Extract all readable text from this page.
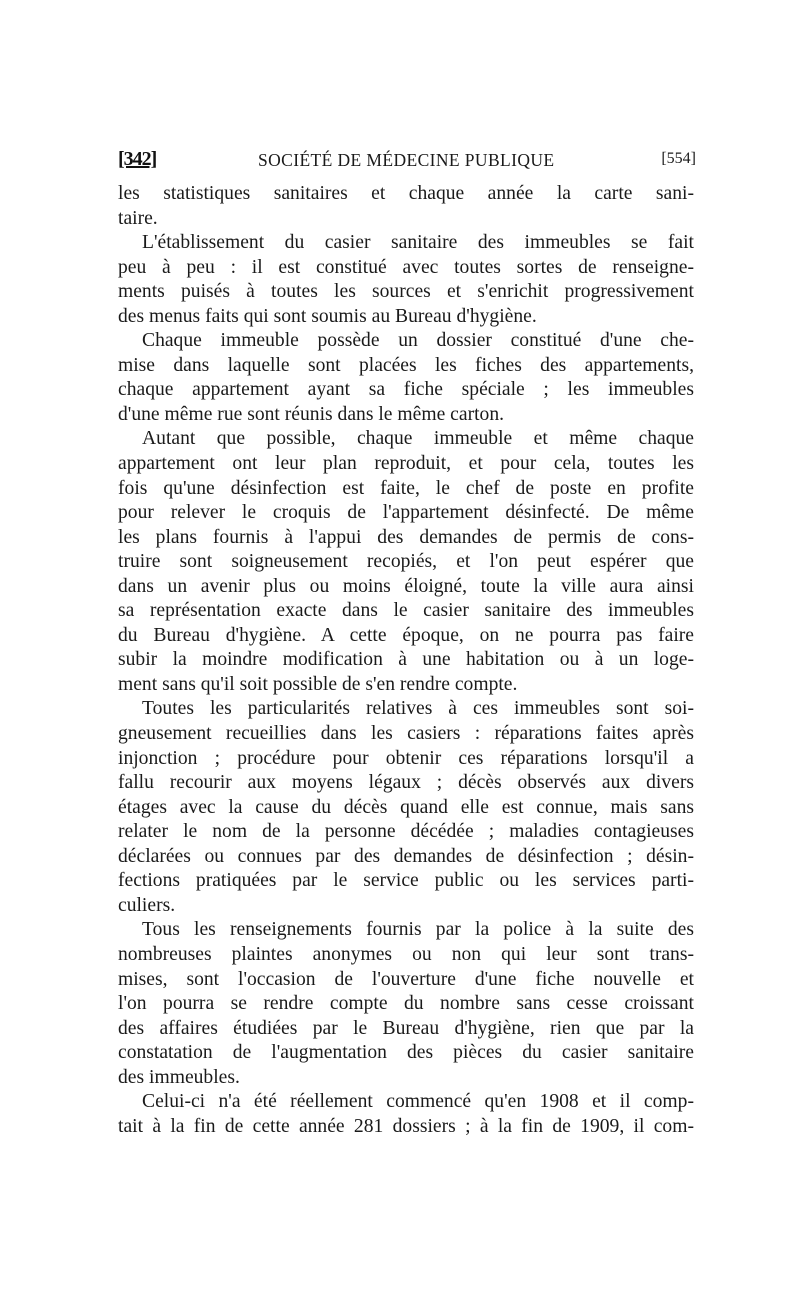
[342]	SOCIÉTÉ DE MÉDECINE PUBLIQUE	[554]
les statistiques sanitaires et chaque année la carte sani-
taire.
L'établissement du casier sanitaire des immeubles se fait
peu à peu : il est constitué avec toutes sortes de renseigne-
ments puisés à toutes les sources et s'enrichit progressivement
des menus faits qui sont soumis au Bureau d'hygiène.
Chaque immeuble possède un dossier constitué d'une che-
mise dans laquelle sont placées les fiches des appartements,
chaque appartement ayant sa fiche spéciale ; les immeubles
d'une même rue sont réunis dans le même carton.
Autant que possible, chaque immeuble et même chaque
appartement ont leur plan reproduit, et pour cela, toutes les
fois qu'une désinfection est faite, le chef de poste en profite
pour relever le croquis de l'appartement désinfecté. De même
les plans fournis à l'appui des demandes de permis de cons-
truire sont soigneusement recopiés, et l'on peut espérer que
dans un avenir plus ou moins éloigné, toute la ville aura ainsi
sa représentation exacte dans le casier sanitaire des immeubles
du Bureau d'hygiène. A cette époque, on ne pourra pas faire
subir la moindre modification à une habitation ou à un loge-
ment sans qu'il soit possible de s'en rendre compte.
Toutes les particularités relatives à ces immeubles sont soi-
gneusement recueillies dans les casiers : réparations faites après
injonction ; procédure pour obtenir ces réparations lorsqu'il a
fallu recourir aux moyens légaux ; décès observés aux divers
étages avec la cause du décès quand elle est connue, mais sans
relater le nom de la personne décédée ; maladies contagieuses
déclarées ou connues par des demandes de désinfection ; désin-
fections pratiquées par le service public ou les services parti-
culiers.
Tous les renseignements fournis par la police à la suite des
nombreuses plaintes anonymes ou non qui leur sont trans-
mises, sont l'occasion de l'ouverture d'une fiche nouvelle et
l'on pourra se rendre compte du nombre sans cesse croissant
des affaires étudiées par le Bureau d'hygiène, rien que par la
constatation de l'augmentation des pièces du casier sanitaire
des immeubles.
Celui-ci n'a été réellement commencé qu'en 1908 et il comp-
tait à la fin de cette année 281 dossiers ; à la fin de 1909, il com-
